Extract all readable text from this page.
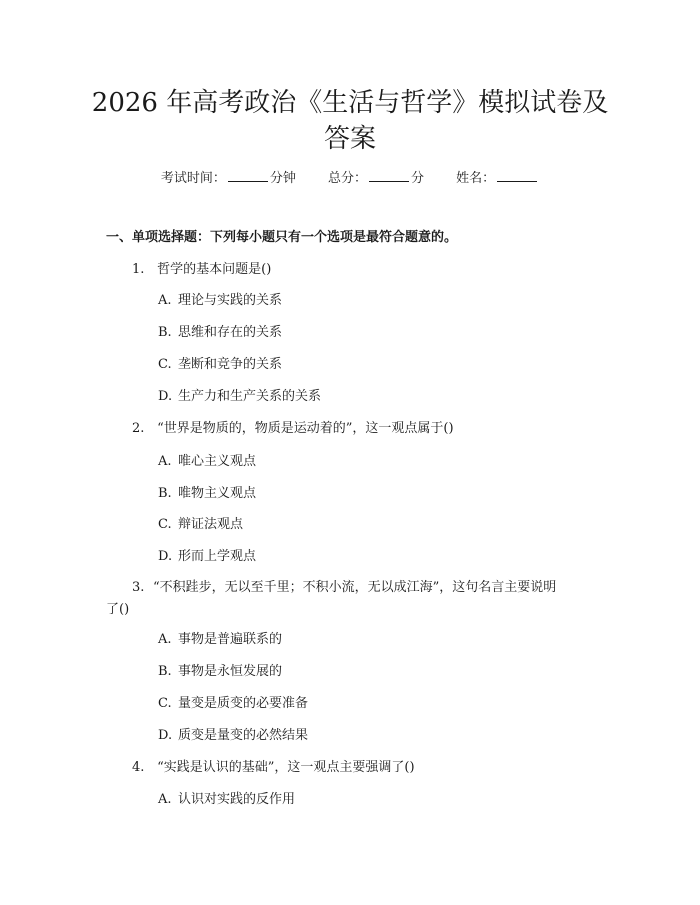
2026 年高考政治《生活与哲学》模拟试卷及
答案
考试时间：	分钟 总分：	分 姓名：
一、单项选择题：下列每小题只有一个选项是最符合题意的。
1. 哲学的基本问题是()
A. 理论与实践的关系
B. 思维和存在的关系
C. 垄断和竞争的关系
D. 生产力和生产关系的关系
2. “世界是物质的，物质是运动着的”，这一观点属于()
A. 唯心主义观点
B. 唯物主义观点
C. 辩证法观点
D. 形而上学观点
3. “不积跬步，无以至千里；不积小流，无以成江海”，这句名言主要说明
了()
A. 事物是普遍联系的
B. 事物是永恒发展的
C. 量变是质变的必要准备
D. 质变是量变的必然结果
4. “实践是认识的基础”，这一观点主要强调了()
A. 认识对实践的反作用
